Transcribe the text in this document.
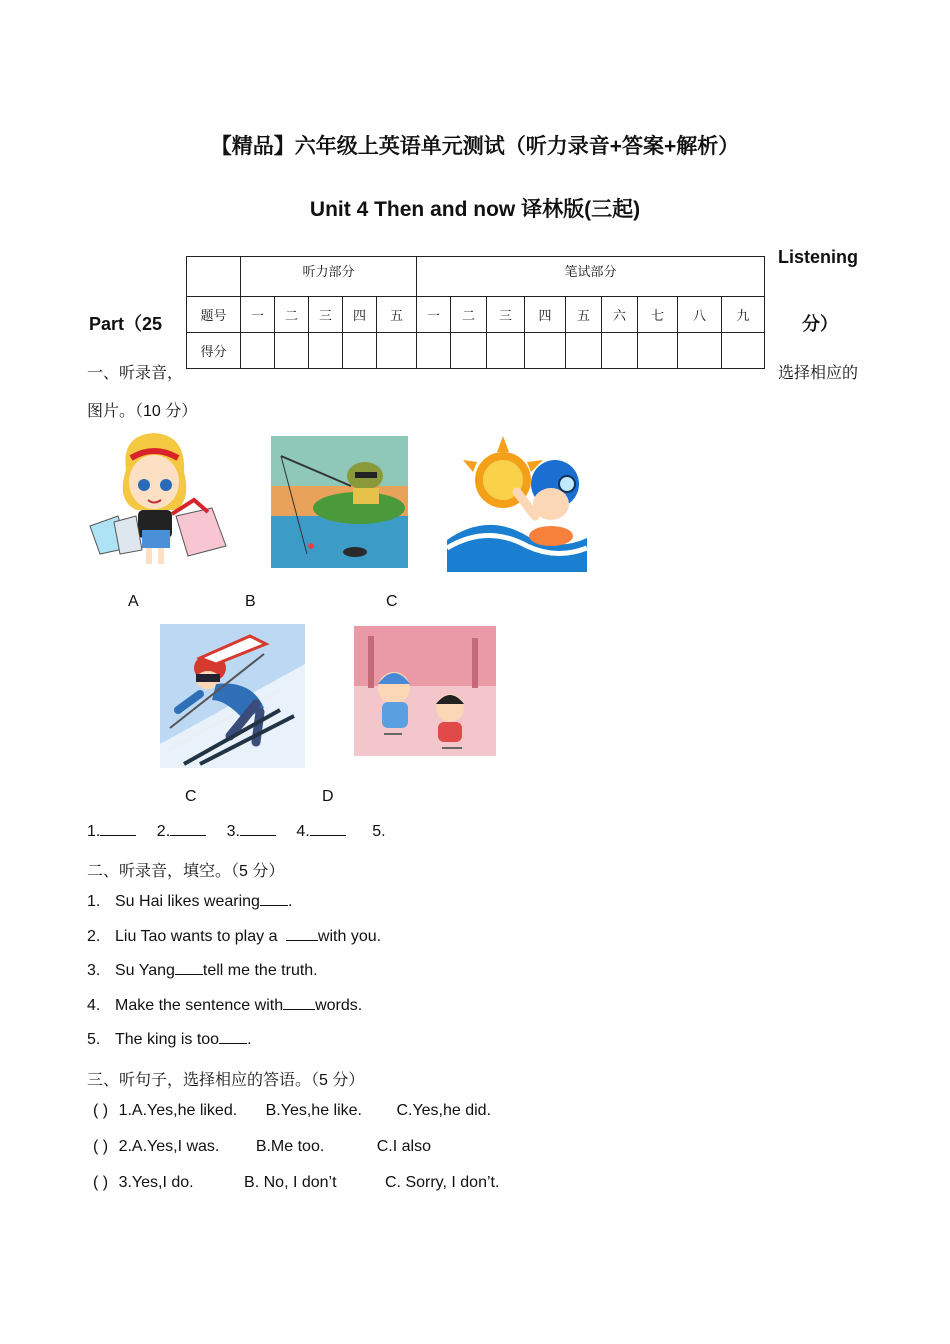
【精品】六年级上英语单元测试（听力录音+答案+解析）
Unit 4 Then and now 译林版(三起)
Part（25
Listening
分）
	听力部分					笔试部分								
题号	一	二	三	四	五	一	二	三	四	五	六	七	八	九
得分														
一、听录音，	选择相应的
图片。（10 分）
A	B	C
C	D
1.	2.	3.	4.	5.
二、听录音，填空。（5 分）
1. Su Hai likes wearing .
2. Liu Tao wants to play a with you.
3. Su Yang tell me the truth.
4. Make the sentence with words.
5. The king is too .
三、听句子，选择相应的答语。（5 分）
( ) 1.A.Yes,he liked. B.Yes,he like. C.Yes,he did.
( ) 2.A.Yes,I was. B.Me too.	C.I also
( ) 3.Yes,I do.	B. No, I don’t	C. Sorry, I don’t.
